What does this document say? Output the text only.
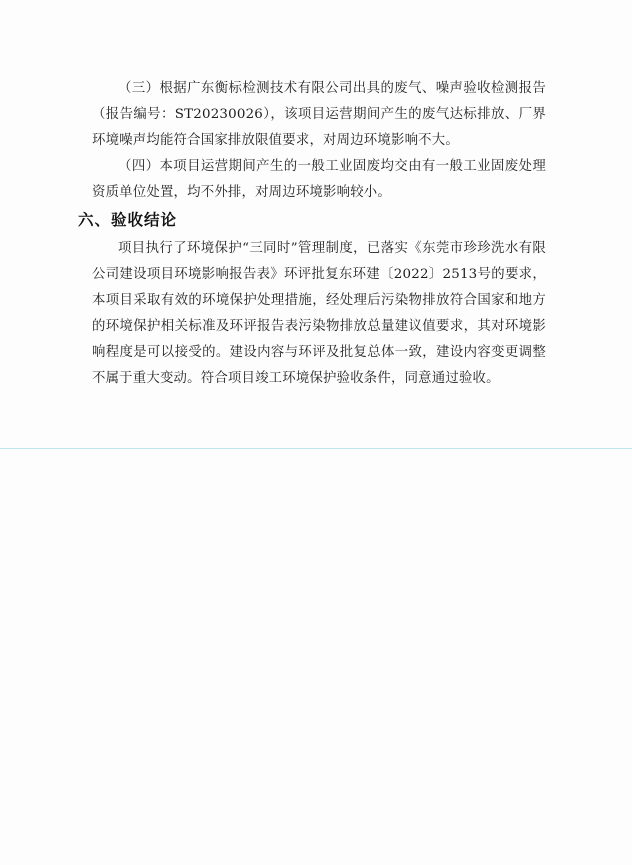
（三）根据广东衡标检测技术有限公司出具的废气、噪声验收检测报告（报告编号：ST20230026），该项目运营期间产生的废气达标排放、厂界环境噪声均能符合国家排放限值要求，对周边环境影响不大。

（四）本项目运营期间产生的一般工业固废均交由有一般工业固废处理资质单位处置，均不外排，对周边环境影响较小。

六、验收结论

项目执行了环境保护“三同时”管理制度，已落实《东莞市珍珍洗水有限公司建设项目环境影响报告表》环评批复东环建〔2022〕2513号的要求，本项目采取有效的环境保护处理措施，经处理后污染物排放符合国家和地方的环境保护相关标准及环评报告表污染物排放总量建议值要求，其对环境影响程度是可以接受的。建设内容与环评及批复总体一致，建设内容变更调整不属于重大变动。符合项目竣工环境保护验收条件，同意通过验收。
